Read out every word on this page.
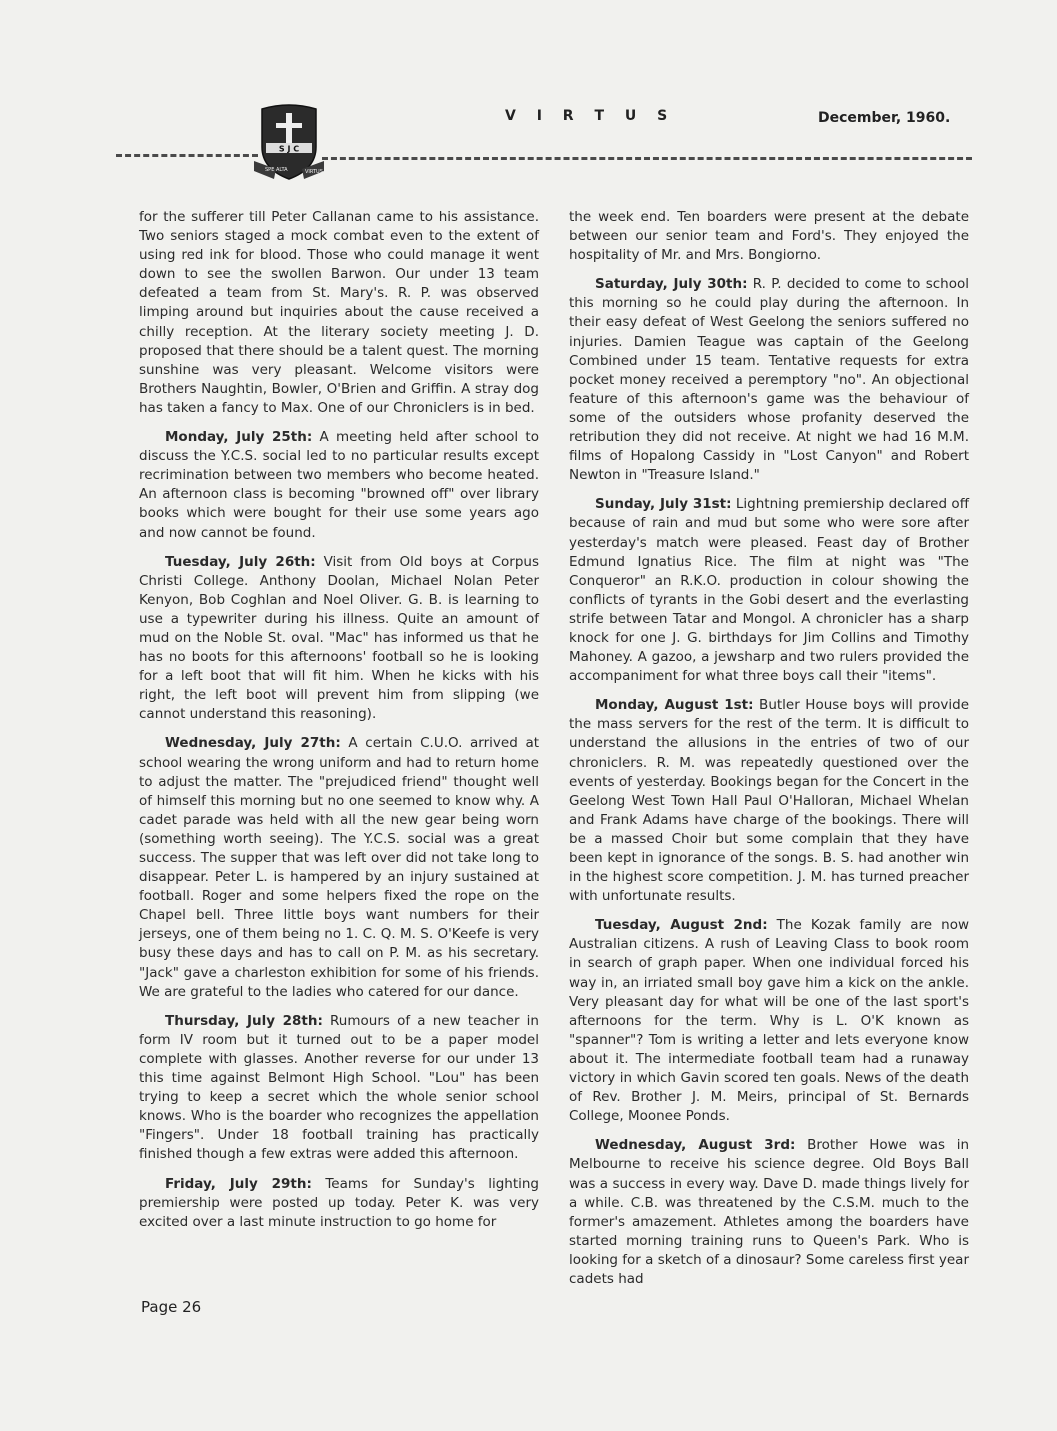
S J C
SPE ALTA	VIRTUS
V I R T U S	December, 1960.

for the sufferer till Peter Callanan came to his assistance. Two seniors staged a mock combat even to the extent of using red ink for blood. Those who could manage it went down to see the swollen Barwon. Our under 13 team defeated a team from St. Mary's. R. P. was observed limping around but inquiries about the cause received a chilly reception. At the literary society meeting J. D. proposed that there should be a talent quest. The morning sunshine was very pleasant. Welcome visitors were Brothers Naughtin, Bowler, O'Brien and Griffin. A stray dog has taken a fancy to Max. One of our Chroniclers is in bed.

Monday, July 25th: A meeting held after school to discuss the Y.C.S. social led to no particular results except recrimination between two members who become heated. An afternoon class is becoming "browned off" over library books which were bought for their use some years ago and now cannot be found.

Tuesday, July 26th: Visit from Old boys at Corpus Christi College. Anthony Doolan, Michael Nolan Peter Kenyon, Bob Coghlan and Noel Oliver. G. B. is learning to use a typewriter during his illness. Quite an amount of mud on the Noble St. oval. "Mac" has informed us that he has no boots for this afternoons' football so he is looking for a left boot that will fit him. When he kicks with his right, the left boot will prevent him from slipping (we cannot understand this reasoning).

Wednesday, July 27th: A certain C.U.O. arrived at school wearing the wrong uniform and had to return home to adjust the matter. The "prejudiced friend" thought well of himself this morning but no one seemed to know why. A cadet parade was held with all the new gear being worn (something worth seeing). The Y.C.S. social was a great success. The supper that was left over did not take long to disappear. Peter L. is hampered by an injury sustained at football. Roger and some helpers fixed the rope on the Chapel bell. Three little boys want numbers for their jerseys, one of them being no 1. C. Q. M. S. O'Keefe is very busy these days and has to call on P. M. as his secretary. "Jack" gave a charleston exhibition for some of his friends. We are grateful to the ladies who catered for our dance.

Thursday, July 28th: Rumours of a new teacher in form IV room but it turned out to be a paper model complete with glasses. Another reverse for our under 13 this time against Belmont High School. "Lou" has been trying to keep a secret which the whole senior school knows. Who is the boarder who recognizes the appellation "Fingers". Under 18 football training has practically finished though a few extras were added this afternoon.

Friday, July 29th: Teams for Sunday's lighting premiership were posted up today. Peter K. was very excited over a last minute instruction to go home for

the week end. Ten boarders were present at the debate between our senior team and Ford's. They enjoyed the hospitality of Mr. and Mrs. Bongiorno.

Saturday, July 30th: R. P. decided to come to school this morning so he could play during the afternoon. In their easy defeat of West Geelong the seniors suffered no injuries. Damien Teague was captain of the Geelong Combined under 15 team. Tentative requests for extra pocket money received a peremptory "no". An objectional feature of this afternoon's game was the behaviour of some of the outsiders whose profanity deserved the retribution they did not receive. At night we had 16 M.M. films of Hopalong Cassidy in "Lost Canyon" and Robert Newton in "Treasure Island."

Sunday, July 31st: Lightning premiership declared off because of rain and mud but some who were sore after yesterday's match were pleased. Feast day of Brother Edmund Ignatius Rice. The film at night was "The Conqueror" an R.K.O. production in colour showing the conflicts of tyrants in the Gobi desert and the everlasting strife between Tatar and Mongol. A chronicler has a sharp knock for one J. G. birthdays for Jim Collins and Timothy Mahoney. A gazoo, a jewsharp and two rulers provided the accompaniment for what three boys call their "items".

Monday, August 1st: Butler House boys will provide the mass servers for the rest of the term. It is difficult to understand the allusions in the entries of two of our chroniclers. R. M. was repeatedly questioned over the events of yesterday. Bookings began for the Concert in the Geelong West Town Hall Paul O'Halloran, Michael Whelan and Frank Adams have charge of the bookings. There will be a massed Choir but some complain that they have been kept in ignorance of the songs. B. S. had another win in the highest score competition. J. M. has turned preacher with unfortunate results.

Tuesday, August 2nd: The Kozak family are now Australian citizens. A rush of Leaving Class to book room in search of graph paper. When one individual forced his way in, an irriated small boy gave him a kick on the ankle. Very pleasant day for what will be one of the last sport's afternoons for the term. Why is L. O'K known as "spanner"? Tom is writing a letter and lets everyone know about it. The intermediate football team had a runaway victory in which Gavin scored ten goals. News of the death of Rev. Brother J. M. Meirs, principal of St. Bernards College, Moonee Ponds.

Wednesday, August 3rd: Brother Howe was in Melbourne to receive his science degree. Old Boys Ball was a success in every way. Dave D. made things lively for a while. C.B. was threatened by the C.S.M. much to the former's amazement. Athletes among the boarders have started morning training runs to Queen's Park. Who is looking for a sketch of a dinosaur? Some careless first year cadets had

Page 26
